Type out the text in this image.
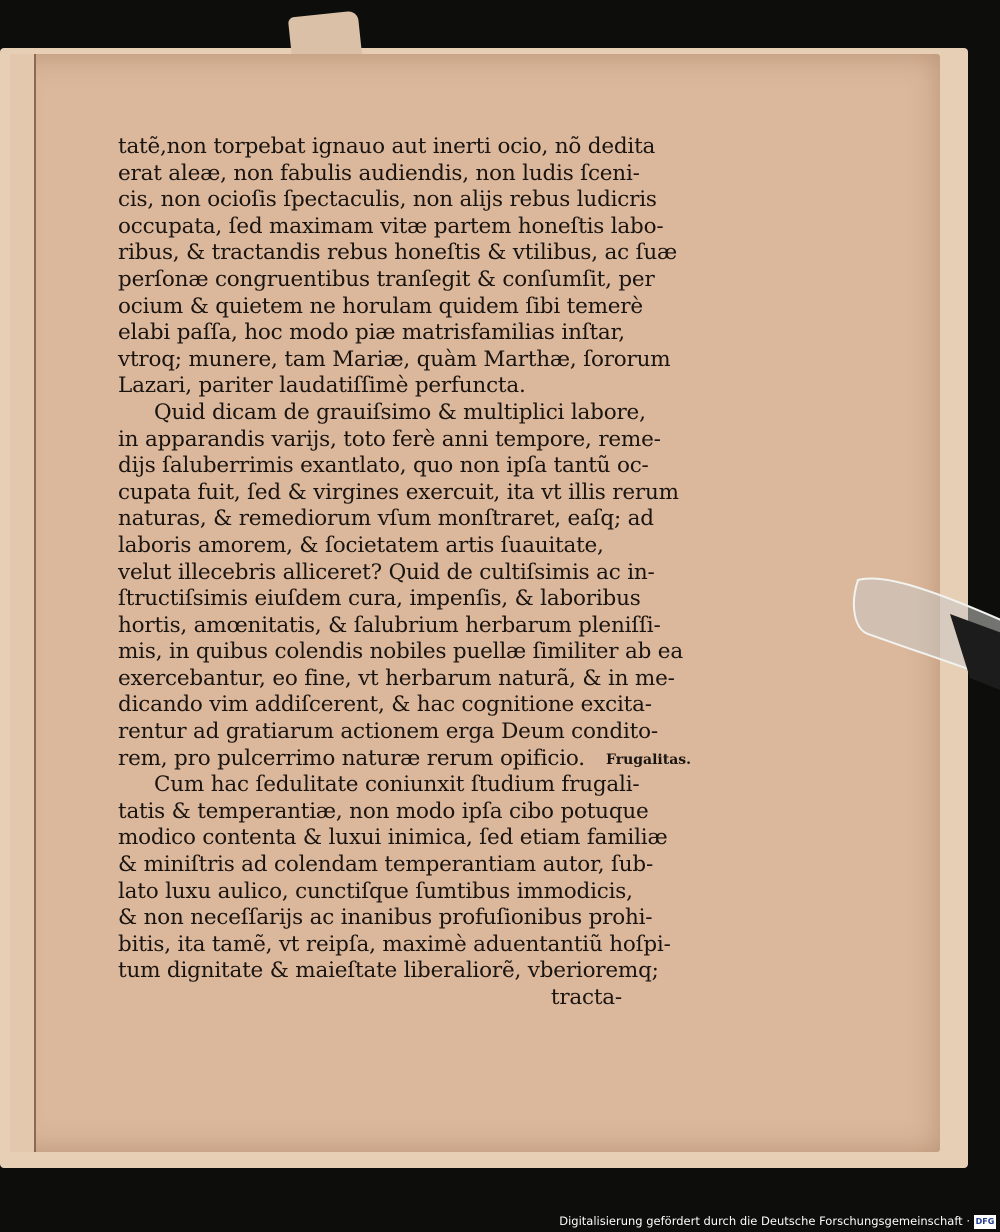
tatẽ,non torpebat ignauo aut inerti ocio, nõ dedita
erat aleæ, non fabulis audiendis, non ludis ſceni-
cis, non ocioſis ſpectaculis, non alijs rebus ludicris
occupata, ſed maximam vitæ partem honeſtis labo-
ribus, & tractandis rebus honeſtis & vtilibus, ac ſuæ
perſonæ congruentibus tranſegit & conſumſit, per
ocium & quietem ne horulam quidem ſibi temerè
elabi paſſa, hoc modo piæ matrisfamilias inſtar,
vtroq; munere, tam Mariæ, quàm Marthæ, ſororum
Lazari, pariter laudatiſſimè perfuncta.
Quid dicam de grauiſsimo & multiplici labore,
in apparandis varijs, toto ferè anni tempore, reme-
dijs ſaluberrimis exantlato, quo non ipſa tantũ oc-
cupata fuit, ſed & virgines exercuit, ita vt illis rerum
naturas, & remediorum vſum monſtraret, eaſq; ad
laboris amorem, & ſocietatem artis ſuauitate,
velut illecebris alliceret? Quid de cultiſsimis ac in-
ſtructiſsimis eiuſdem cura, impenſis, & laboribus
hortis, amœnitatis, & ſalubrium herbarum pleniſſi-
mis, in quibus colendis nobiles puellæ ſimiliter ab ea
exercebantur, eo fine, vt herbarum naturã, & in me-
dicando vim addiſcerent, & hac cognitione excita-
rentur ad gratiarum actionem erga Deum condito-
rem, pro pulcerrimo naturæ rerum opificio.
Cum hac ſedulitate coniunxit ſtudium frugali-
tatis & temperantiæ, non modo ipſa cibo potuque
modico contenta & luxui inimica, ſed etiam familiæ
& miniſtris ad colendam temperantiam autor, ſub-
lato luxu aulico, cunctiſque ſumtibus immodicis,
& non neceſſarijs ac inanibus profuſionibus prohi-
bitis, ita tamẽ, vt reipſa, maximè aduentantiũ hoſpi-
tum dignitate & maieſtate liberaliorẽ, vberioremq;
tracta-
Frugalitas.
Digitalisierung gefördert durch die Deutsche Forschungsgemeinschaft · DFG
